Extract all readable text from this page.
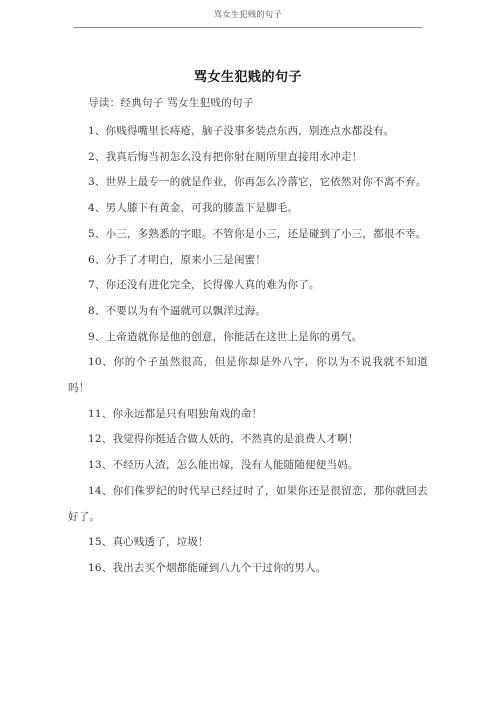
骂女生犯贱的句子
骂女生犯贱的句子
导读：经典句子 骂女生犯贱的句子

1、你贱得嘴里长痔疮，脑子没事多装点东西，别连点水都没有。

2、我真后悔当初怎么没有把你射在厕所里直接用水冲走！

3、世界上最专一的就是作业，你再怎么冷落它，它依然对你不离不弃。

4、男人膝下有黄金，可我的膝盖下是脚毛。

5、小三，多熟悉的字眼。不管你是小三，还是碰到了小三，都很不幸。

6、分手了才明白，原来小三是闺蜜！

7、你还没有进化完全，长得像人真的难为你了。

8、不要以为有个逼就可以飘洋过海。

9、上帝造就你是他的创意，你能活在这世上是你的勇气。

10、你的个子虽然很高，但是你却是外八字，你以为不说我就不知道吗！

11、你永远都是只有唱独角戏的命！

12、我觉得你挺适合做人妖的，不然真的是浪费人才啊！

13、不经历人渣，怎么能出嫁，没有人能随随便便当妈。

14、你们侏罗纪的时代早已经过时了，如果你还是很留恋，那你就回去好了。

15、真心贱透了，垃圾！

16、我出去买个烟都能碰到八九个干过你的男人。
